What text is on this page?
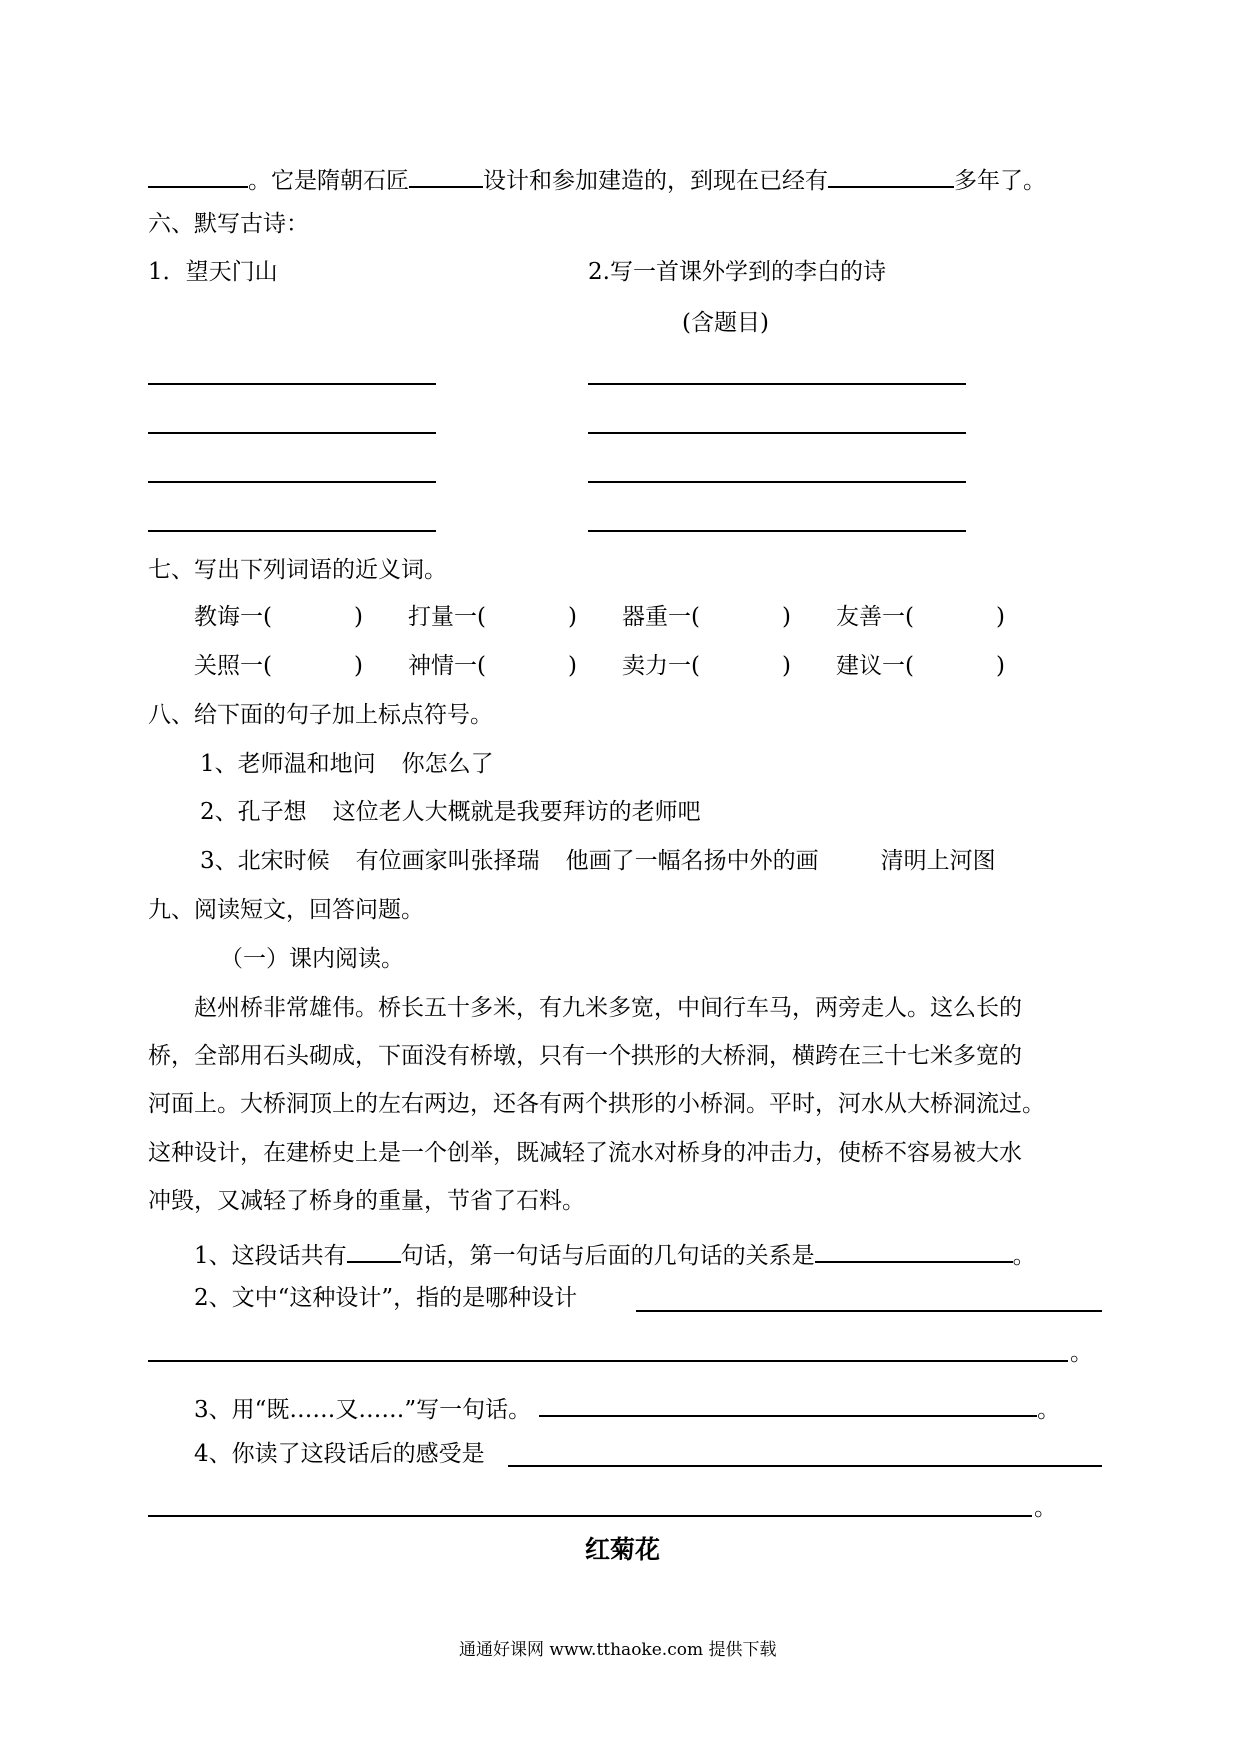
。它是隋朝石匠	设计和参加建造的，到现在已经有	多年了。
六、默写古诗：
1．望天门山	2.写一首课外学到的李白的诗
(含题目)
七、写出下列词语的近义词。
教诲一(	) 打量一(	) 器重一(	) 友善一(	)
关照一(	) 神情一(	) 卖力一(	) 建议一(	)
八、给下面的句子加上标点符号。
1、老师温和地问 你怎么了
2、孔子想 这位老人大概就是我要拜访的老师吧
3、北宋时候 有位画家叫张择瑞 他画了一幅名扬中外的画	清明上河图
九、阅读短文，回答问题。
（一）课内阅读。
赵州桥非常雄伟。桥长五十多米，有九米多宽，中间行车马，两旁走人。这么长的
桥，全部用石头砌成，下面没有桥墩，只有一个拱形的大桥洞，横跨在三十七米多宽的
河面上。大桥洞顶上的左右两边，还各有两个拱形的小桥洞。平时，河水从大桥洞流过。
这种设计，在建桥史上是一个创举，既减轻了流水对桥身的冲击力，使桥不容易被大水
冲毁，又减轻了桥身的重量，节省了石料。
1、这段话共有 句话，第一句话与后面的几句话的关系是	。
2、文中“这种设计”，指的是哪种设计
。
3、用“既……又……”写一句话。	。
4、你读了这段话后的感受是
。
红菊花
通通好课网 www.tthaoke.com 提供下载
